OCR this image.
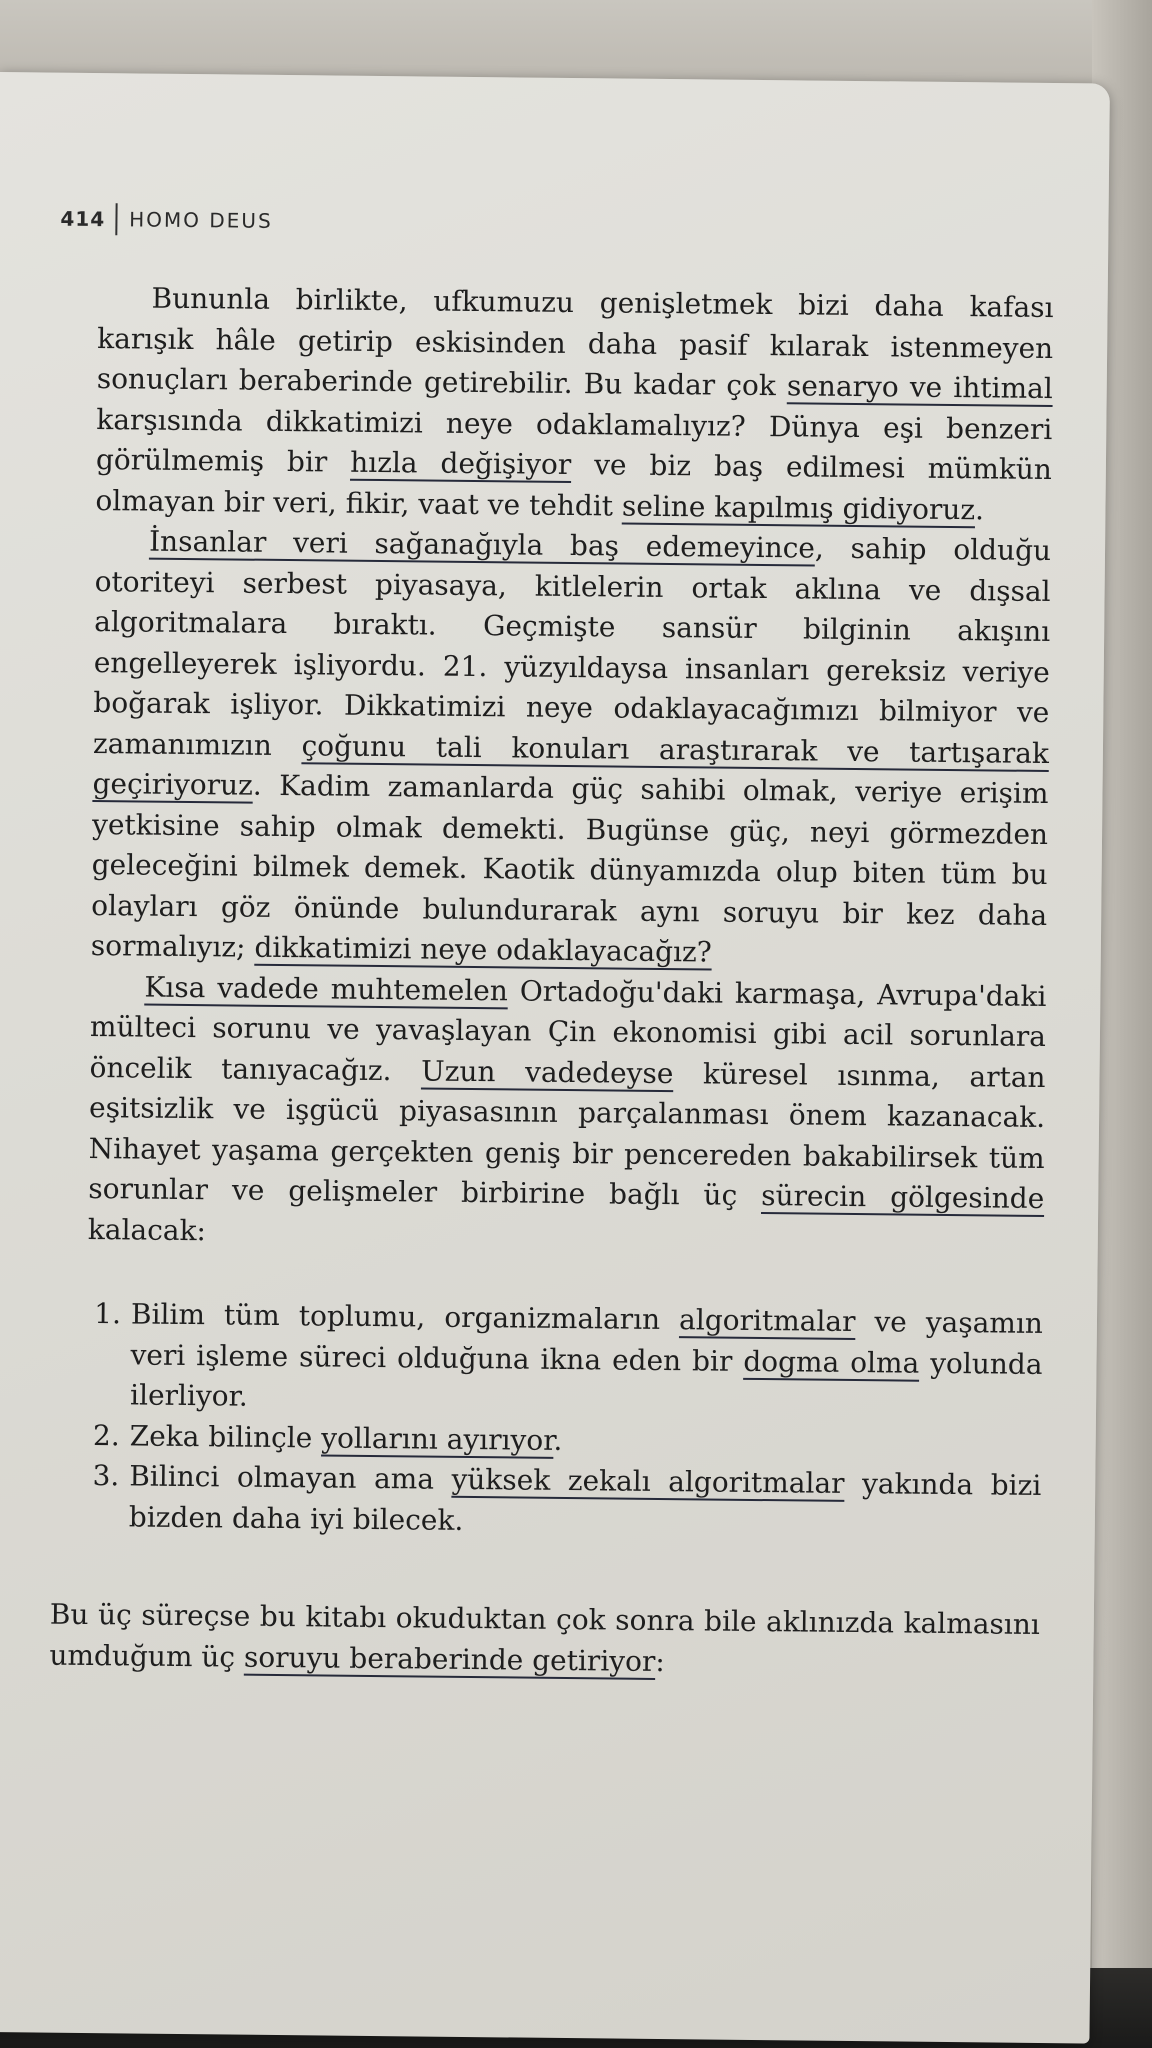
414 HOMO DEUS

Bununla birlikte, ufkumuzu genişletmek bizi daha kafası karışık hâle getirip eskisinden daha pasif kılarak istenmeyen sonuçları beraberinde getirebilir. Bu kadar çok senaryo ve ihtimal karşısında dikkatimizi neye odaklamalıyız? Dünya eşi benzeri görülmemiş bir hızla değişiyor ve biz baş edilmesi mümkün olmayan bir veri, fikir, vaat ve tehdit seline kapılmış gidiyoruz.

İnsanlar veri sağanağıyla baş edemeyince, sahip olduğu otoriteyi serbest piyasaya, kitlelerin ortak aklına ve dışsal algoritmalara bıraktı. Geçmişte sansür bilginin akışını engelleyerek işliyordu. 21. yüzyıldaysa insanları gereksiz veriye boğarak işliyor. Dikkatimizi neye odaklayacağımızı bilmiyor ve zamanımızın çoğunu tali konuları araştırarak ve tartışarak geçiriyoruz. Kadim zamanlarda güç sahibi olmak, veriye erişim yetkisine sahip olmak demekti. Bugünse güç, neyi görmezden geleceğini bilmek demek. Kaotik dünyamızda olup biten tüm bu olayları göz önünde bulundurarak aynı soruyu bir kez daha sormalıyız; dikkatimizi neye odaklayacağız?

Kısa vadede muhtemelen Ortadoğu'daki karmaşa, Avrupa'daki mülteci sorunu ve yavaşlayan Çin ekonomisi gibi acil sorunlara öncelik tanıyacağız. Uzun vadedeyse küresel ısınma, artan eşitsizlik ve işgücü piyasasının parçalanması önem kazanacak. Nihayet yaşama gerçekten geniş bir pencereden bakabilirsek tüm sorunlar ve gelişmeler birbirine bağlı üç sürecin gölgesinde kalacak:

1. Bilim tüm toplumu, organizmaların algoritmalar ve yaşamın veri işleme süreci olduğuna ikna eden bir dogma olma yolunda ilerliyor.
2. Zeka bilinçle yollarını ayırıyor.
3. Bilinci olmayan ama yüksek zekalı algoritmalar yakında bizi bizden daha iyi bilecek.

Bu üç süreçse bu kitabı okuduktan çok sonra bile aklınızda kalmasını umduğum üç soruyu beraberinde getiriyor:
